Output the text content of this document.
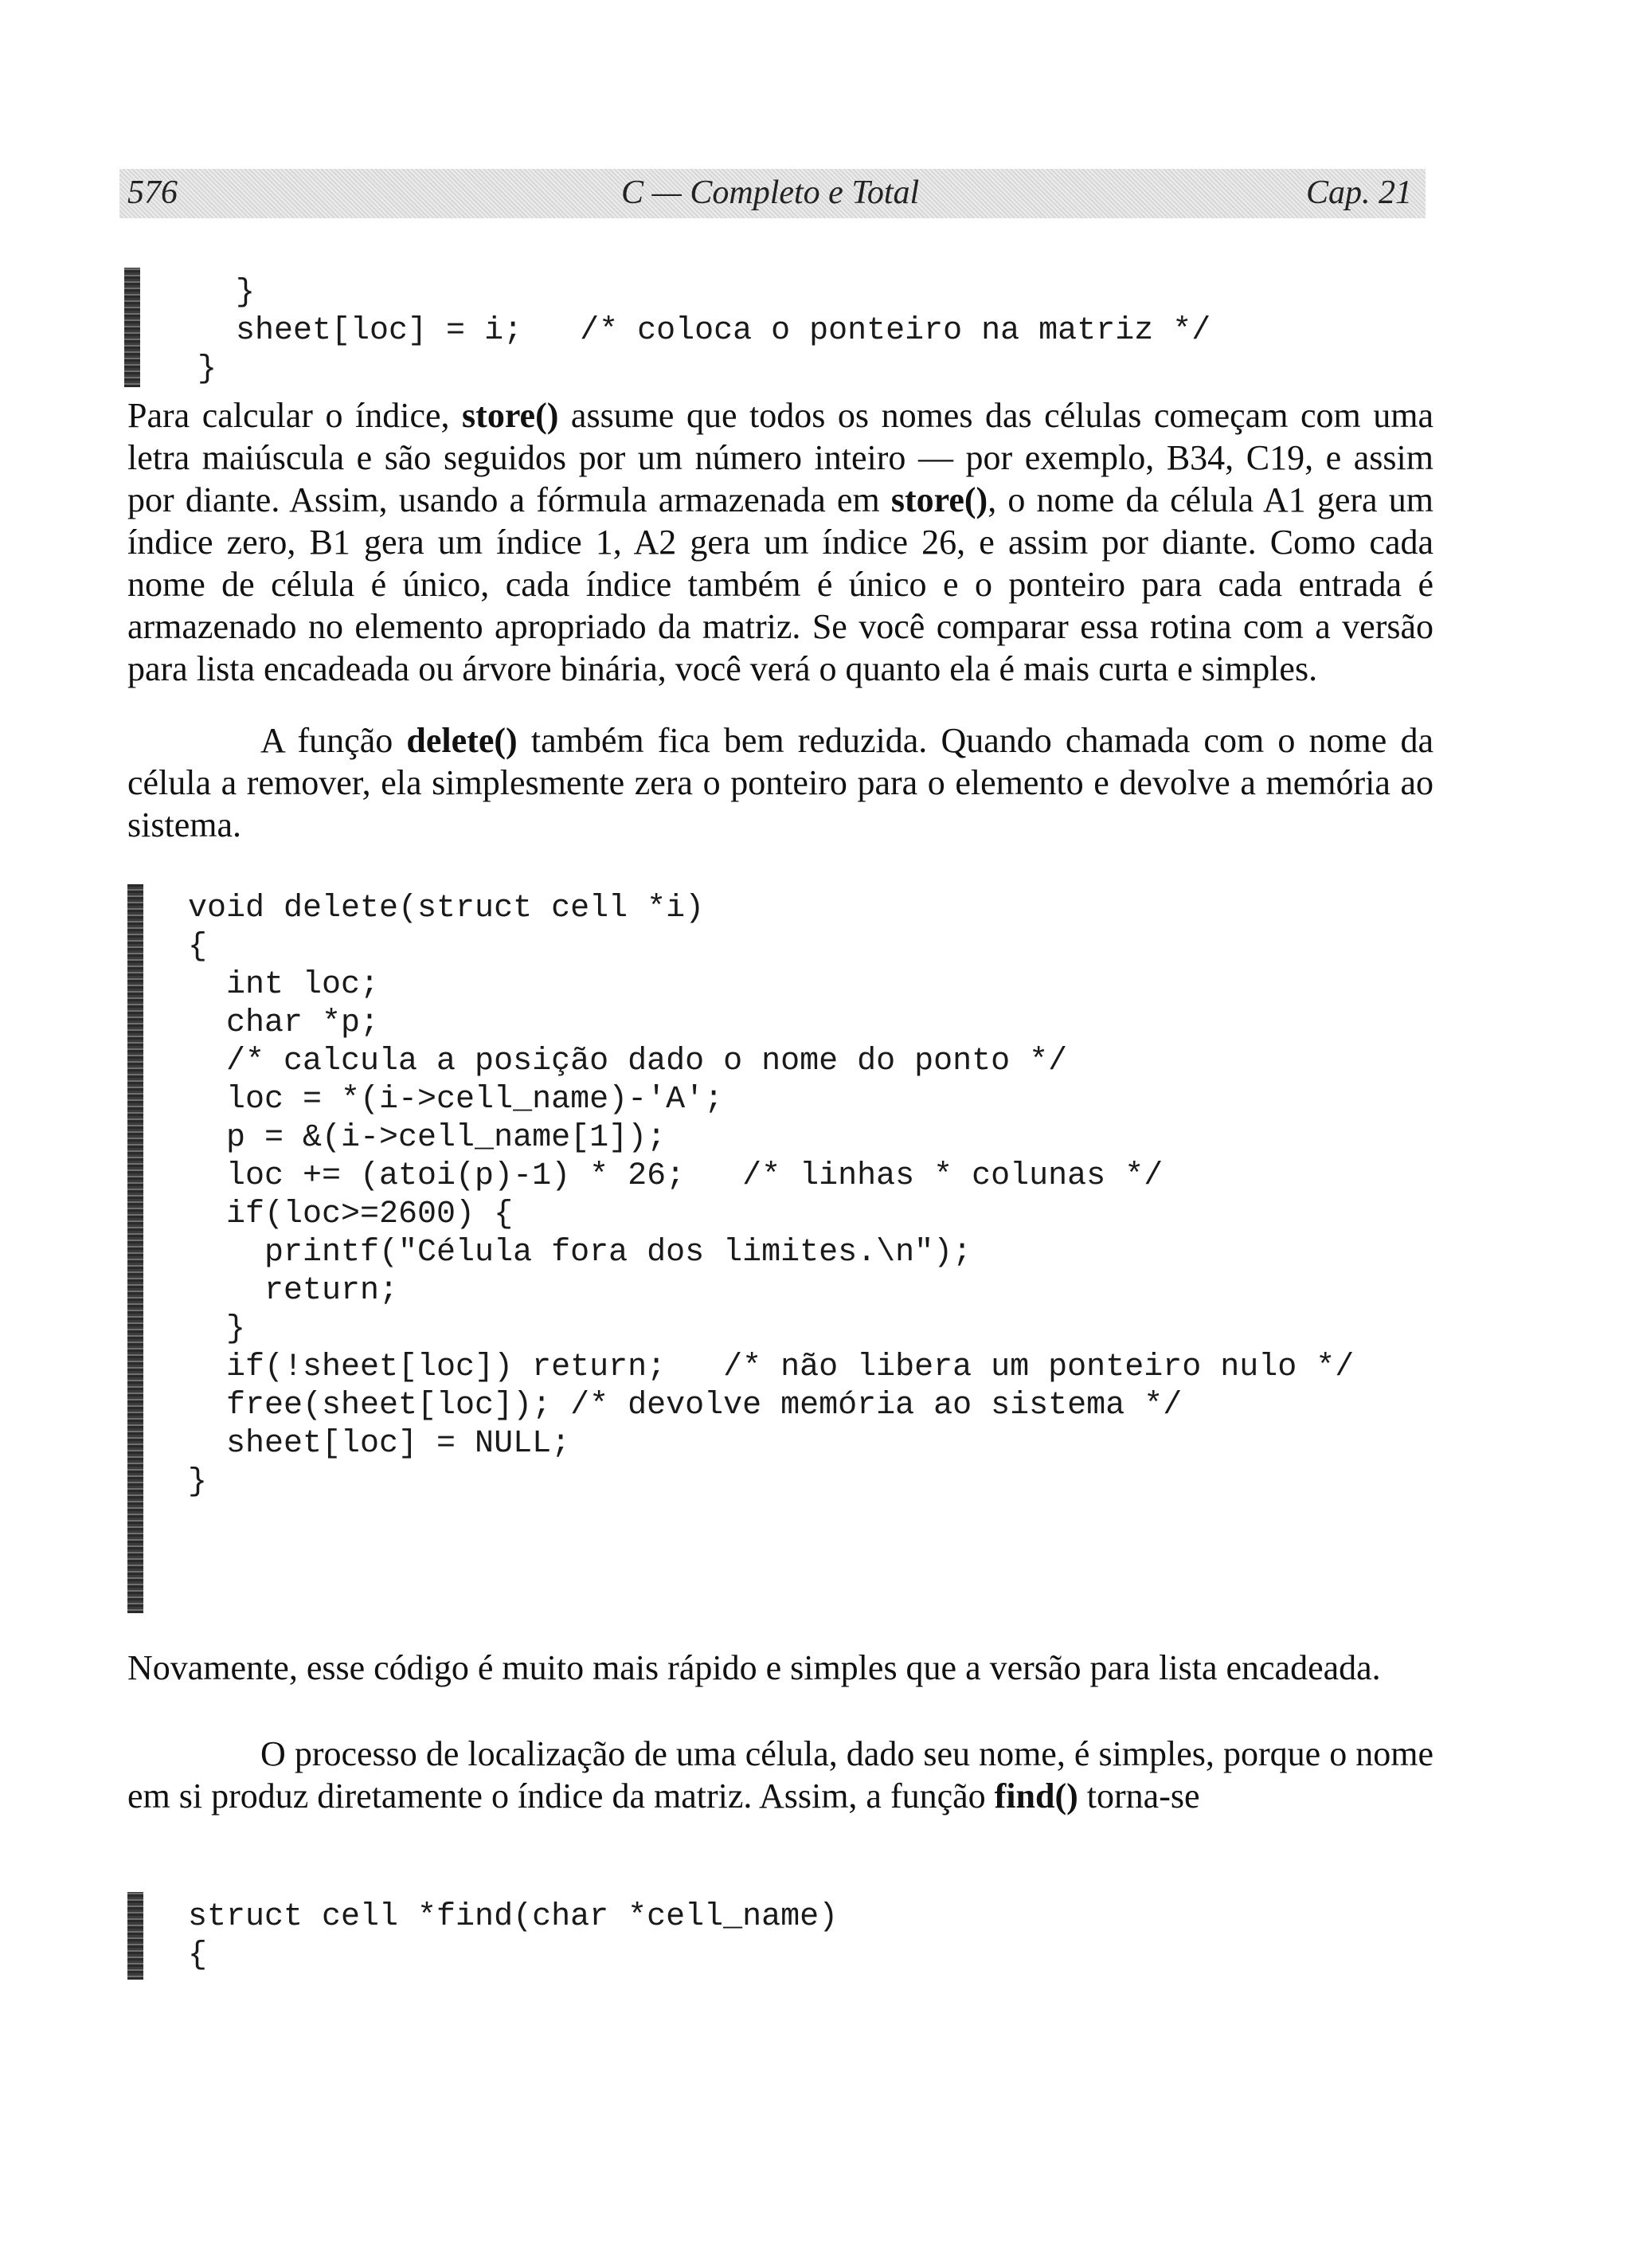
576	C — Completo e Total	Cap. 21
}
sheet[loc] = i;   /* coloca o ponteiro na matriz */
}

Para calcular o índice, store() assume que todos os nomes das células começam com uma letra maiúscula e são seguidos por um número inteiro — por exemplo, B34, C19, e assim por diante. Assim, usando a fórmula armazenada em store(), o nome da célula A1 gera um índice zero, B1 gera um índice 1, A2 gera um índice 26, e assim por diante. Como cada nome de célula é único, cada índice também é único e o ponteiro para cada entrada é armazenado no elemento apropriado da matriz. Se você comparar essa rotina com a versão para lista encadeada ou árvore binária, você verá o quanto ela é mais curta e simples.

A função delete() também fica bem reduzida. Quando chamada com o nome da célula a remover, ela simplesmente zera o ponteiro para o elemento e devolve a memória ao sistema.

void delete(struct cell *i)
{
int loc;
char *p;
/* calcula a posição dado o nome do ponto */
loc = *(i->cell_name)-'A';
p = &(i->cell_name[1]);
loc += (atoi(p)-1) * 26;   /* linhas * colunas */
if(loc>=2600) {
printf("Célula fora dos limites.\n");
return;
}
if(!sheet[loc]) return;   /* não libera um ponteiro nulo */
free(sheet[loc]); /* devolve memória ao sistema */
sheet[loc] = NULL;
}

Novamente, esse código é muito mais rápido e simples que a versão para lista encadeada.

O processo de localização de uma célula, dado seu nome, é simples, porque o nome em si produz diretamente o índice da matriz. Assim, a função find() torna-se

struct cell *find(char *cell_name)
{
